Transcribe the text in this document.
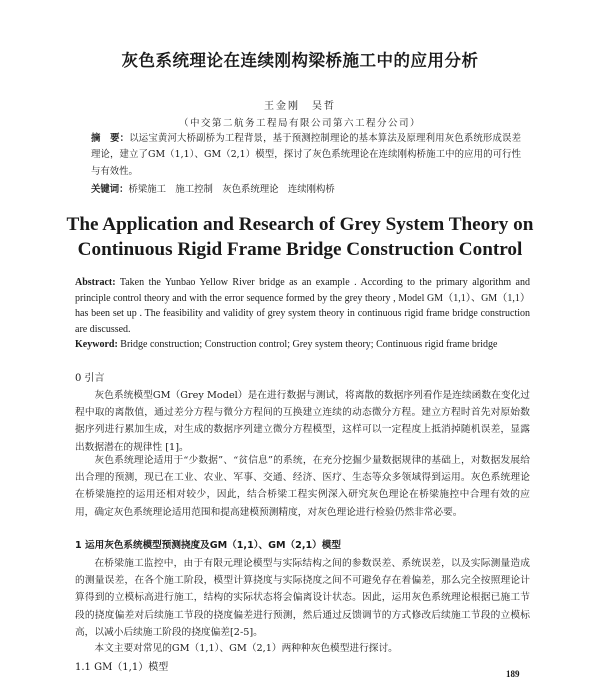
灰色系统理论在连续刚构梁桥施工中的应用分析
王金刚　吴哲
（中交第二航务工程局有限公司第六工程分公司）
摘　要：以运宝黄河大桥副桥为工程背景，基于预测控制理论的基本算法及原理利用灰色系统形成误差理论，建立了GM（1,1）、GM（2,1）模型，探讨了灰色系统理论在连续刚构桥施工中的应用的可行性与有效性。
关键词：桥梁施工　施工控制　灰色系统理论　连续刚构桥
The Application and Research of Grey System Theory on
Continuous Rigid Frame Bridge Construction Control
Abstract: Taken the Yunbao Yellow River bridge as an example . According to the primary algorithm and principle control theory and with the error sequence formed by the grey theory , Model GM（1,1）、GM（1,1）has been set up . The feasibility and validity of grey system theory in continuous rigid frame bridge construction are discussed.
Keyword: Bridge construction; Construction control; Grey system theory; Continuous rigid frame bridge
0 引言
灰色系统模型GM（Grey Model）是在进行数据与测试，将离散的数据序列看作是连续函数在变化过程中取的离散值，通过差分方程与微分方程间的互换建立连续的动态微分方程。建立方程时首先对原始数据序列进行累加生成，对生成的数据序列建立微分方程模型，这样可以一定程度上抵消掉随机误差，显露出数据潜在的规律性 [1]。
灰色系统理论适用于“少数据”、“贫信息”的系统，在充分挖掘少量数据规律的基础上，对数据发展给出合理的预测，现已在工业、农业、军事、交通、经济、医疗、生态等众多领域得到运用。灰色系统理论在桥梁施控的运用还相对较少，因此，结合桥梁工程实例深入研究灰色理论在桥梁施控中合理有效的应用，确定灰色系统理论适用范围和提高建模预测精度，对灰色理论进行检验仍然非常必要。
1 运用灰色系统模型预测挠度及GM（1,1）、GM（2,1）模型
在桥梁施工监控中，由于有限元理论模型与实际结构之间的参数误差、系统误差，以及实际测量造成的测量误差，在各个施工阶段，模型计算挠度与实际挠度之间不可避免存在着偏差，那么完全按照理论计算得到的立模标高进行施工，结构的实际状态将会偏离设计状态。因此，运用灰色系统理论根据已施工节段的挠度偏差对后续施工节段的挠度偏差进行预测，然后通过反馈调节的方式修改后续施工节段的立模标高，以减小后续施工阶段的挠度偏差[2-5]。
本文主要对常见的GM（1,1）、GM（2,1）两种种灰色模型进行探讨。
1.1 GM（1,1）模型
189
